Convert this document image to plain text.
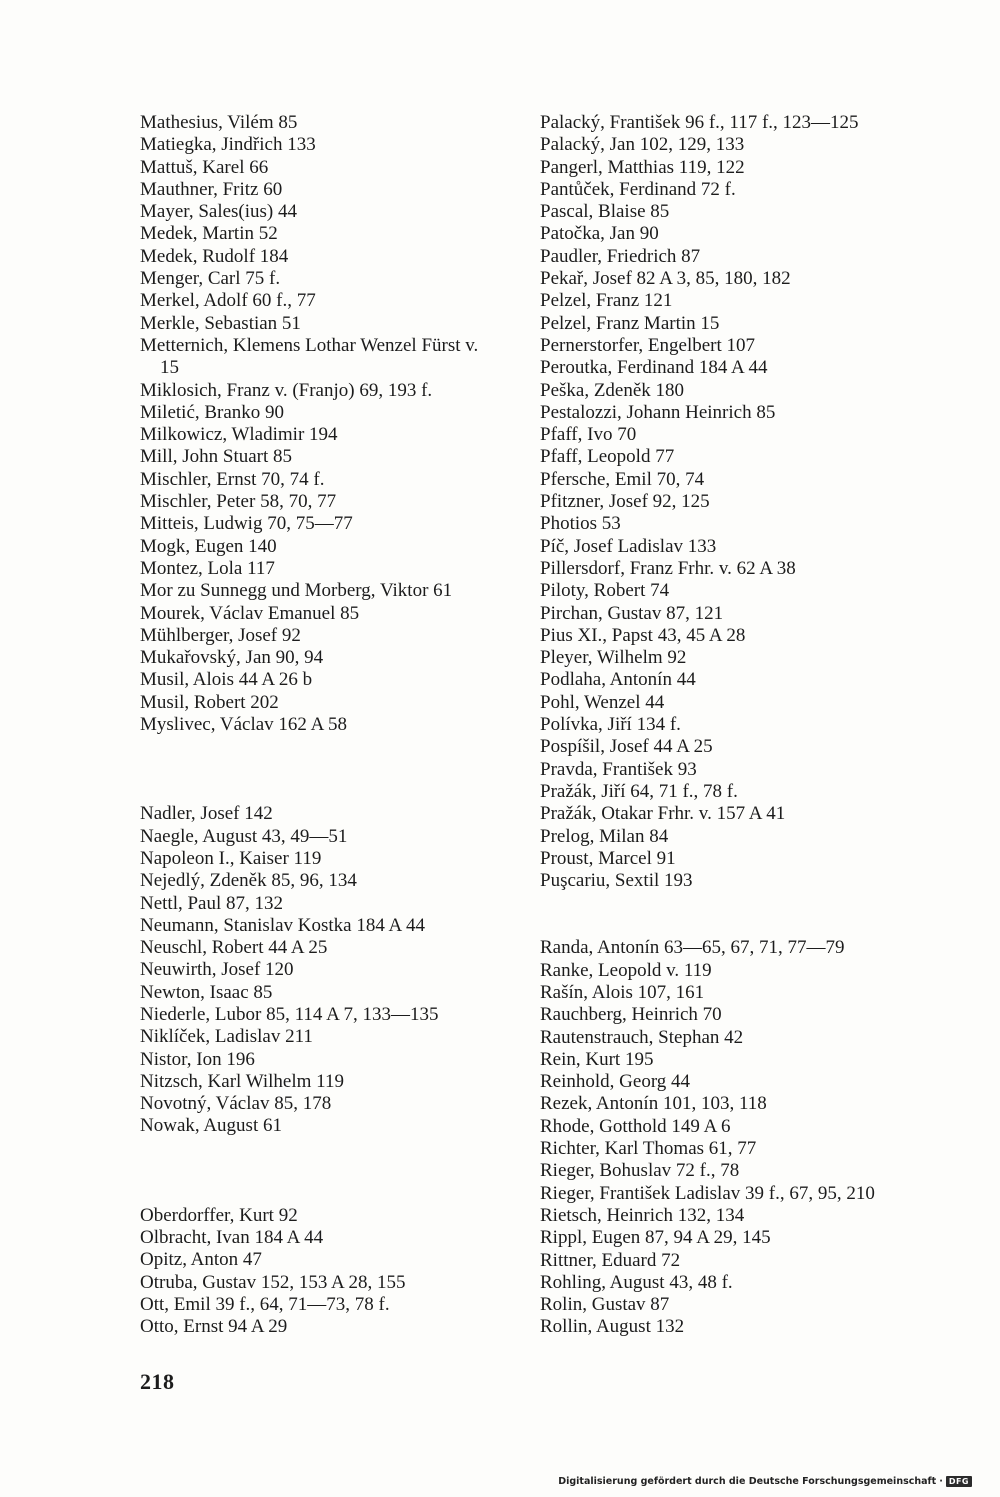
Mathesius, Vilém 85
Matiegka, Jindřich 133
Mattuš, Karel 66
Mauthner, Fritz 60
Mayer, Sales(ius) 44
Medek, Martin 52
Medek, Rudolf 184
Menger, Carl 75 f.
Merkel, Adolf 60 f., 77
Merkle, Sebastian 51
Metternich, Klemens Lothar Wenzel Fürst v.
15
Miklosich, Franz v. (Franjo) 69, 193 f.
Miletić, Branko 90
Milkowicz, Wladimir 194
Mill, John Stuart 85
Mischler, Ernst 70, 74 f.
Mischler, Peter 58, 70, 77
Mitteis, Ludwig 70, 75—77
Mogk, Eugen 140
Montez, Lola 117
Mor zu Sunnegg und Morberg, Viktor 61
Mourek, Václav Emanuel 85
Mühlberger, Josef 92
Mukařovský, Jan 90, 94
Musil, Alois 44 A 26 b
Musil, Robert 202
Myslivec, Václav 162 A 58
Nadler, Josef 142
Naegle, August 43, 49—51
Napoleon I., Kaiser 119
Nejedlý, Zdeněk 85, 96, 134
Nettl, Paul 87, 132
Neumann, Stanislav Kostka 184 A 44
Neuschl, Robert 44 A 25
Neuwirth, Josef 120
Newton, Isaac 85
Niederle, Lubor 85, 114 A 7, 133—135
Niklíček, Ladislav 211
Nistor, Ion 196
Nitzsch, Karl Wilhelm 119
Novotný, Václav 85, 178
Nowak, August 61
Oberdorffer, Kurt 92
Olbracht, Ivan 184 A 44
Opitz, Anton 47
Otruba, Gustav 152, 153 A 28, 155
Ott, Emil 39 f., 64, 71—73, 78 f.
Otto, Ernst 94 A 29
Palacký, František 96 f., 117 f., 123—125
Palacký, Jan 102, 129, 133
Pangerl, Matthias 119, 122
Pantůček, Ferdinand 72 f.
Pascal, Blaise 85
Patočka, Jan 90
Paudler, Friedrich 87
Pekař, Josef 82 A 3, 85, 180, 182
Pelzel, Franz 121
Pelzel, Franz Martin 15
Pernerstorfer, Engelbert 107
Peroutka, Ferdinand 184 A 44
Peška, Zdeněk 180
Pestalozzi, Johann Heinrich 85
Pfaff, Ivo 70
Pfaff, Leopold 77
Pfersche, Emil 70, 74
Pfitzner, Josef 92, 125
Photios 53
Píč, Josef Ladislav 133
Pillersdorf, Franz Frhr. v. 62 A 38
Piloty, Robert 74
Pirchan, Gustav 87, 121
Pius XI., Papst 43, 45 A 28
Pleyer, Wilhelm 92
Podlaha, Antonín 44
Pohl, Wenzel 44
Polívka, Jiří 134 f.
Pospíšil, Josef 44 A 25
Pravda, František 93
Pražák, Jiří 64, 71 f., 78 f.
Pražák, Otakar Frhr. v. 157 A 41
Prelog, Milan 84
Proust, Marcel 91
Puşcariu, Sextil 193
Randa, Antonín 63—65, 67, 71, 77—79
Ranke, Leopold v. 119
Rašín, Alois 107, 161
Rauchberg, Heinrich 70
Rautenstrauch, Stephan 42
Rein, Kurt 195
Reinhold, Georg 44
Rezek, Antonín 101, 103, 118
Rhode, Gotthold 149 A 6
Richter, Karl Thomas 61, 77
Rieger, Bohuslav 72 f., 78
Rieger, František Ladislav 39 f., 67, 95, 210
Rietsch, Heinrich 132, 134
Rippl, Eugen 87, 94 A 29, 145
Rittner, Eduard 72
Rohling, August 43, 48 f.
Rolin, Gustav 87
Rollin, August 132
218
Digitalisierung gefördert durch die Deutsche Forschungsgemeinschaft · DFG
